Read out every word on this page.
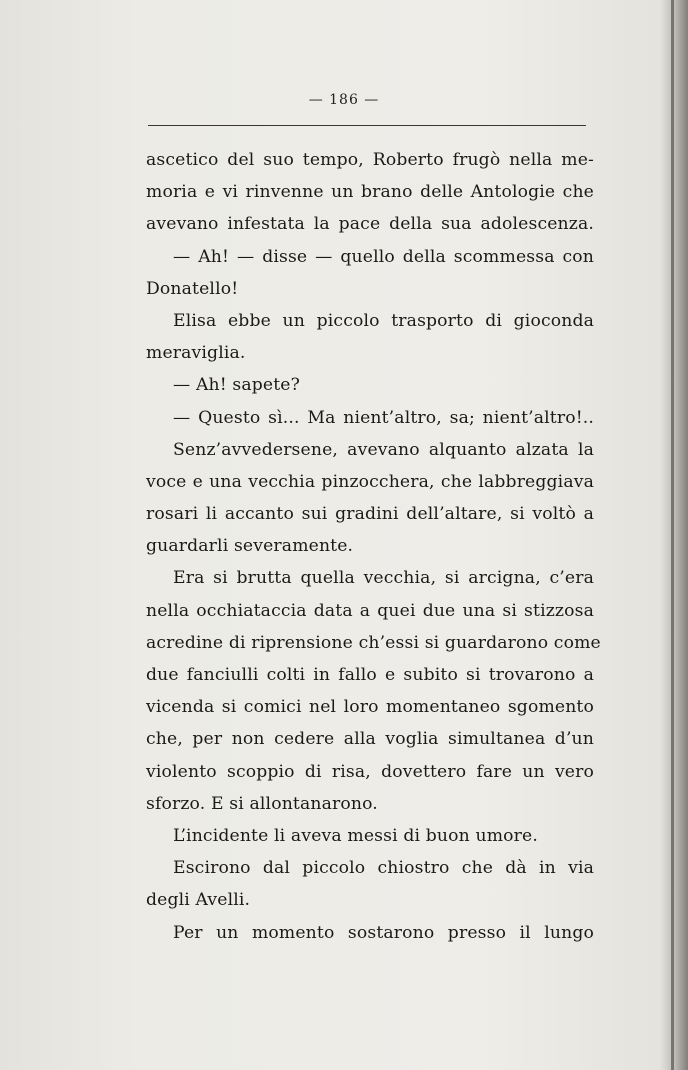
— 186 —
ascetico del suo tempo, Roberto frugò nella me-
moria e vi rinvenne un brano delle Antologie che
avevano infestata la pace della sua adolescenza.
— Ah! — disse — quello della scommessa con
Donatello!
Elisa ebbe un piccolo trasporto di gioconda
meraviglia.
— Ah! sapete?
— Questo sì... Ma nient’altro, sa; nient’altro!..
Senz’avvedersene, avevano alquanto alzata la
voce e una vecchia pinzocchera, che labbreggiava
rosari li accanto sui gradini dell’altare, si voltò a
guardarli severamente.
Era si brutta quella vecchia, si arcigna, c’era
nella occhiataccia data a quei due una si stizzosa
acredine di riprensione ch’essi si guardarono come
due fanciulli colti in fallo e subito si trovarono a
vicenda si comici nel loro momentaneo sgomento
che, per non cedere alla voglia simultanea d’un
violento scoppio di risa, dovettero fare un vero
sforzo. E si allontanarono.
L’incidente li aveva messi di buon umore.
Escirono dal piccolo chiostro che dà in via
degli Avelli.
Per un momento sostarono presso il lungo
